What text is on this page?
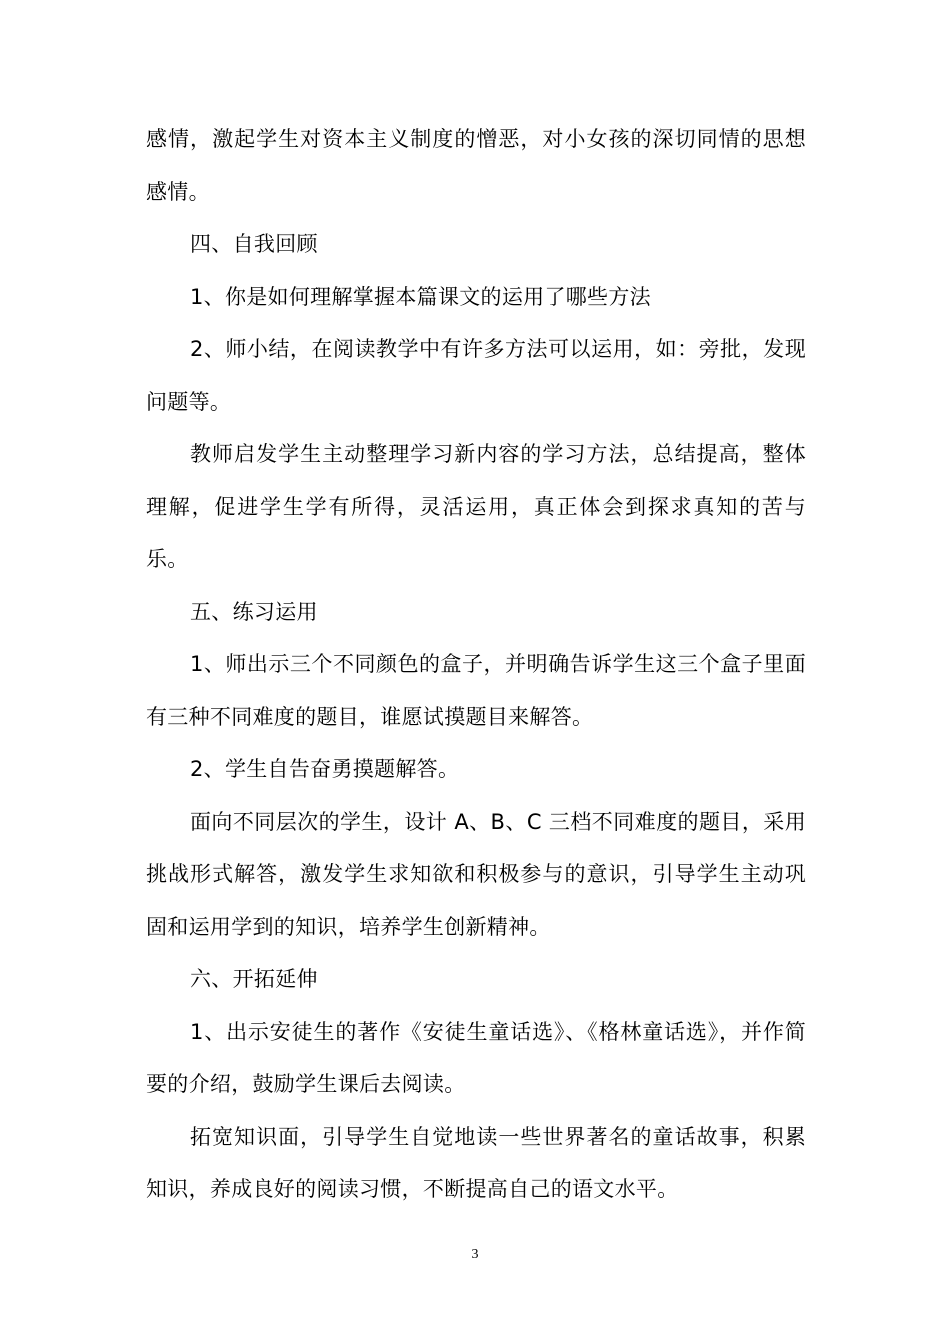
感情，激起学生对资本主义制度的憎恶，对小女孩的深切同情的思想感情。

四、自我回顾

1、你是如何理解掌握本篇课文的运用了哪些方法

2、师小结，在阅读教学中有许多方法可以运用，如：旁批，发现问题等。

教师启发学生主动整理学习新内容的学习方法，总结提高，整体理解，促进学生学有所得，灵活运用，真正体会到探求真知的苦与乐。

五、练习运用

1、师出示三个不同颜色的盒子，并明确告诉学生这三个盒子里面有三种不同难度的题目，谁愿试摸题目来解答。

2、学生自告奋勇摸题解答。

面向不同层次的学生，设计 A、B、C 三档不同难度的题目，采用挑战形式解答，激发学生求知欲和积极参与的意识，引导学生主动巩固和运用学到的知识，培养学生创新精神。

六、开拓延伸

1、出示安徒生的著作《安徒生童话选》、《格林童话选》，并作简要的介绍，鼓励学生课后去阅读。

拓宽知识面，引导学生自觉地读一些世界著名的童话故事，积累知识，养成良好的阅读习惯，不断提高自己的语文水平。

3
